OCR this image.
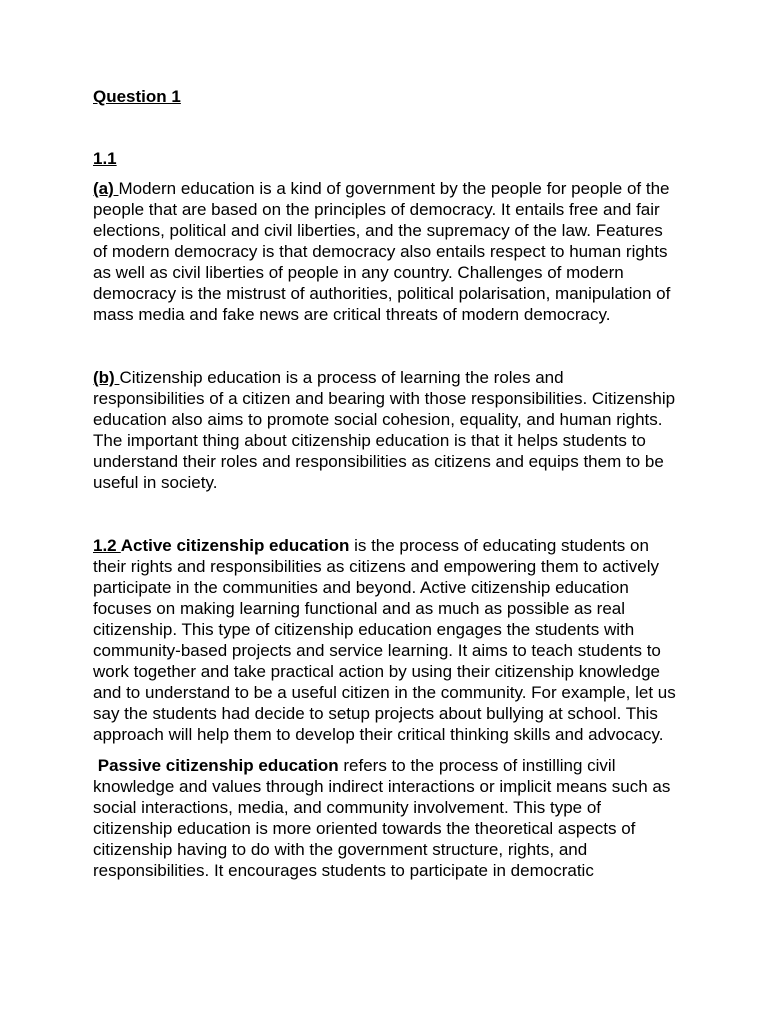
Question 1
1.1

(a) Modern education is a kind of government by the people for people of the people that are based on the principles of democracy. It entails free and fair elections, political and civil liberties, and the supremacy of the law. Features of modern democracy is that democracy also entails respect to human rights as well as civil liberties of people in any country. Challenges of modern democracy is the mistrust of authorities, political polarisation, manipulation of mass media and fake news are critical threats of modern democracy.

(b) Citizenship education is a process of learning the roles and responsibilities of a citizen and bearing with those responsibilities. Citizenship education also aims to promote social cohesion, equality, and human rights. The important thing about citizenship education is that it helps students to understand their roles and responsibilities as citizens and equips them to be useful in society.

1.2 Active citizenship education is the process of educating students on their rights and responsibilities as citizens and empowering them to actively participate in the communities and beyond. Active citizenship education focuses on making learning functional and as much as possible as real citizenship. This type of citizenship education engages the students with community-based projects and service learning. It aims to teach students to work together and take practical action by using their citizenship knowledge and to understand to be a useful citizen in the community. For example, let us say the students had decide to setup projects about bullying at school. This approach will help them to develop their critical thinking skills and advocacy.

Passive citizenship education refers to the process of instilling civil knowledge and values through indirect interactions or implicit means such as social interactions, media, and community involvement. This type of citizenship education is more oriented towards the theoretical aspects of citizenship having to do with the government structure, rights, and responsibilities. It encourages students to participate in democratic
